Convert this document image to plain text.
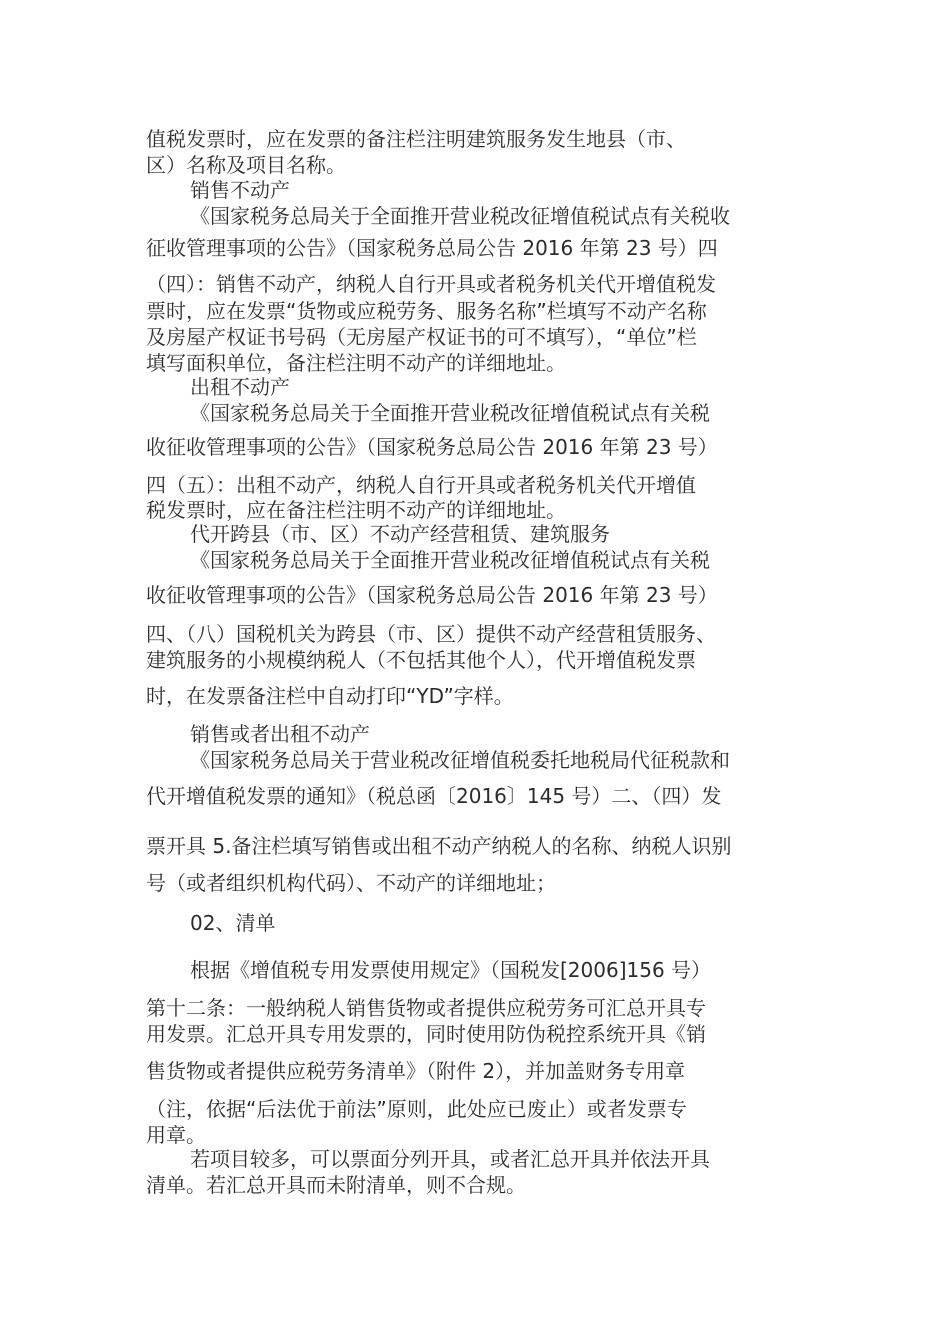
值税发票时，应在发票的备注栏注明建筑服务发生地县（市、

区）名称及项目名称。

销售不动产

《国家税务总局关于全面推开营业税改征增值税试点有关税收

征收管理事项的公告》（国家税务总局公告 2016 年第 23 号）四

（四）：销售不动产，纳税人自行开具或者税务机关代开增值税发

票时，应在发票“货物或应税劳务、服务名称”栏填写不动产名称

及房屋产权证书号码（无房屋产权证书的可不填写），“单位”栏

填写面积单位，备注栏注明不动产的详细地址。

出租不动产

《国家税务总局关于全面推开营业税改征增值税试点有关税

收征收管理事项的公告》（国家税务总局公告 2016 年第 23 号）

四（五）：出租不动产，纳税人自行开具或者税务机关代开增值

税发票时，应在备注栏注明不动产的详细地址。

代开跨县（市、区）不动产经营租赁、建筑服务

《国家税务总局关于全面推开营业税改征增值税试点有关税

收征收管理事项的公告》（国家税务总局公告 2016 年第 23 号）

四、（八）国税机关为跨县（市、区）提供不动产经营租赁服务、

建筑服务的小规模纳税人（不包括其他个人），代开增值税发票

时，在发票备注栏中自动打印“YD”字样。

销售或者出租不动产

《国家税务总局关于营业税改征增值税委托地税局代征税款和

代开增值税发票的通知》（税总函〔2016〕145 号）二、（四）发

票开具 5.备注栏填写销售或出租不动产纳税人的名称、纳税人识别

号（或者组织机构代码）、不动产的详细地址；

02、清单

根据《增值税专用发票使用规定》（国税发[2006]156 号）

第十二条：一般纳税人销售货物或者提供应税劳务可汇总开具专

用发票。汇总开具专用发票的，同时使用防伪税控系统开具《销

售货物或者提供应税劳务清单》（附件 2），并加盖财务专用章

（注，依据“后法优于前法”原则，此处应已废止）或者发票专

用章。

若项目较多，可以票面分列开具，或者汇总开具并依法开具

清单。若汇总开具而未附清单，则不合规。
